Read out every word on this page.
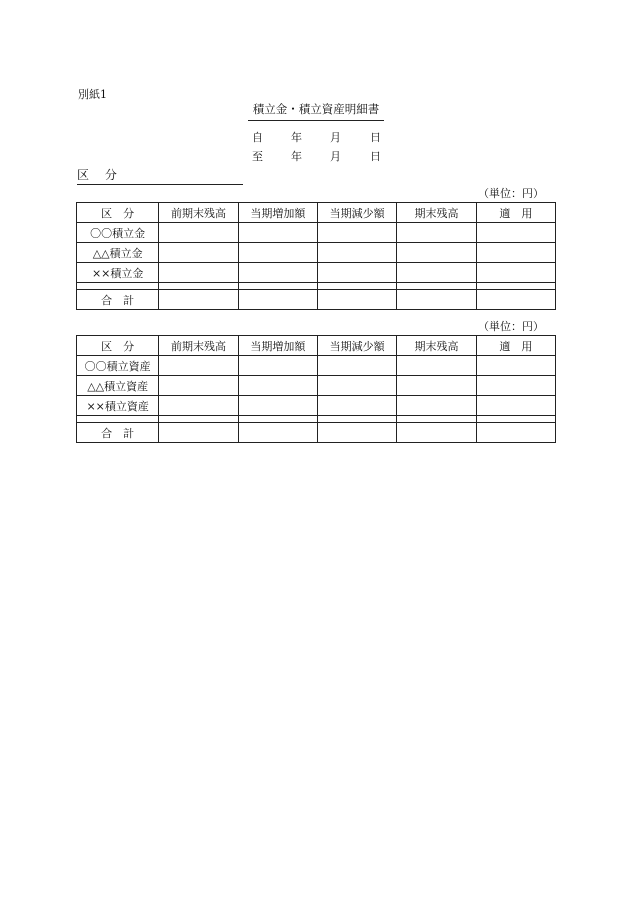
別紙1
積立金・積立資産明細書
自	年	月	日
至	年	月	日
区 分
（単位：円）
区　分	前期末残高	当期増加額	当期減少額	期末残高	適　用
〇〇積立金					
△△積立金					
××積立金					

合　計					
（単位：円）
区　分	前期末残高	当期増加額	当期減少額	期末残高	適　用
〇〇積立資産					
△△積立資産					
××積立資産					

合　計					
